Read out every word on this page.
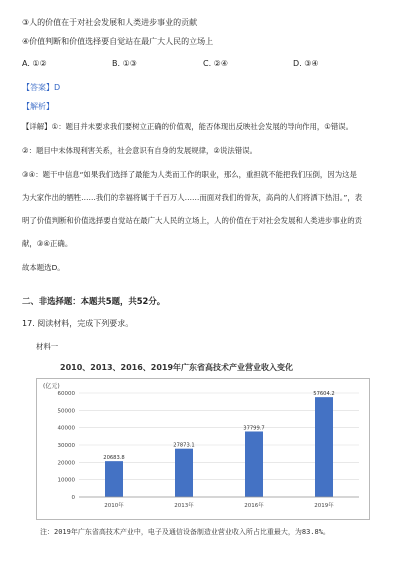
③人的价值在于对社会发展和人类进步事业的贡献
④价值判断和价值选择要自觉站在最广大人民的立场上
A. ①②	B. ①③	C. ②④	D. ③④
【答案】D
【解析】
【详解】①：题目并未要求我们要树立正确的价值观，能否体现出反映社会发展的导向作用，①错误。
②：题目中未体现利害关系，社会意识有自身的发展规律，②说法错误。
③④：题干中信息“如果我们选择了最能为人类而工作的职业，那么，重担就不能把我们压倒，因为这是
为大家作出的牺牲……我们的幸福将属于千百万人……而面对我们的骨灰，高尚的人们将洒下热泪。”，表
明了价值判断和价值选择要自觉站在最广大人民的立场上，人的价值在于对社会发展和人类进步事业的贡
献，③④正确。
故本题选D。
二、非选择题：本题共5题，共52分。
17. 阅读材料，完成下列要求。
材料一
2010、2013、2016、2019年广东省高技术产业营业收入变化
(亿元)
0
10000
20000
30000
40000
50000
60000
20683.8
2010年
27873.1
2013年
37799.7
2016年
57604.2
2019年
注：2019年广东省高技术产业中，电子及通信设备制造业营业收入所占比重最大，为83.8%。
